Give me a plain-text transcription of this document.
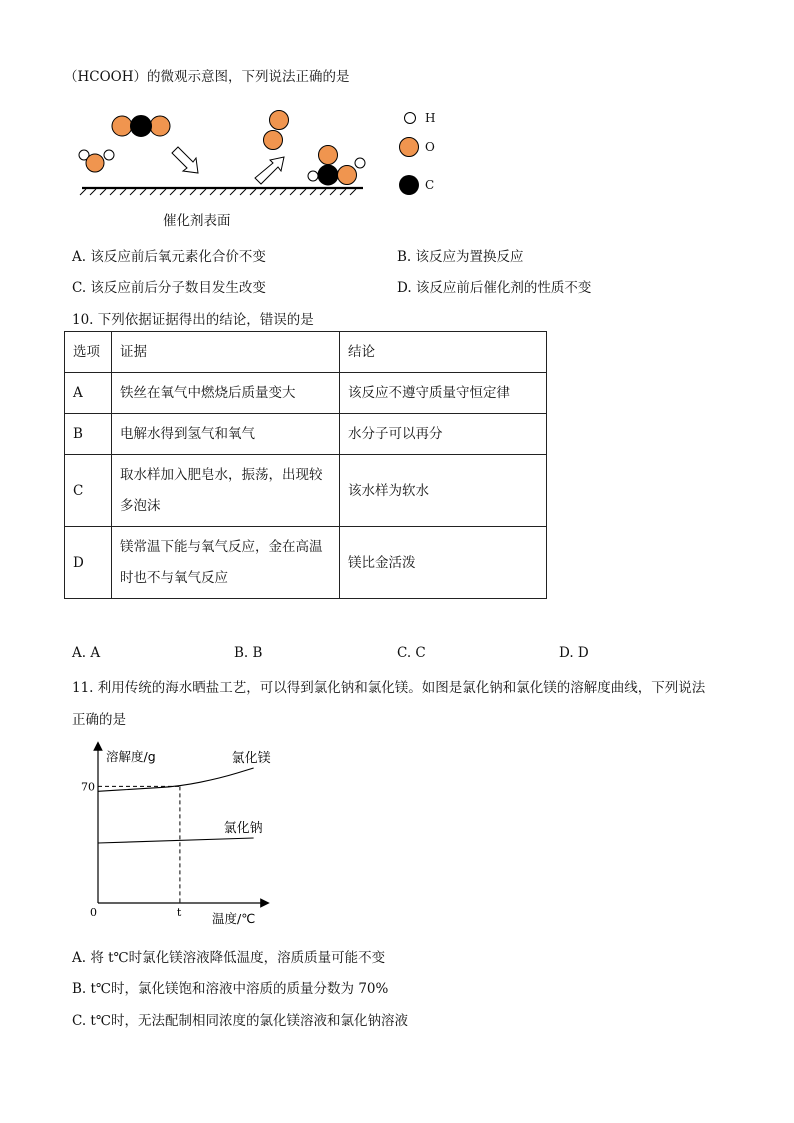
（HCOOH）的微观示意图，下列说法正确的是
H
O
C
催化剂表面
A. 该反应前后氧元素化合价不变	B. 该反应为置换反应
C. 该反应前后分子数目发生改变	D. 该反应前后催化剂的性质不变
10. 下列依据证据得出的结论，错误的是
选项	证据	结论
A	铁丝在氧气中燃烧后质量变大	该反应不遵守质量守恒定律
B	电解水得到氢气和氧气	水分子可以再分
C	取水样加入肥皂水，振荡，出现较
多泡沫	该水样为软水
D	镁常温下能与氧气反应，金在高温
时也不与氧气反应	镁比金活泼
A. A	B. B	C. C	D. D
11. 利用传统的海水晒盐工艺，可以得到氯化钠和氯化镁。如图是氯化钠和氯化镁的溶解度曲线，下列说法
正确的是
溶解度/g
温度/℃
0
氯化镁
氯化钠
70
t
A. 将 t℃时氯化镁溶液降低温度，溶质质量可能不变
B. t℃时，氯化镁饱和溶液中溶质的质量分数为 70%
C. t℃时，无法配制相同浓度的氯化镁溶液和氯化钠溶液
